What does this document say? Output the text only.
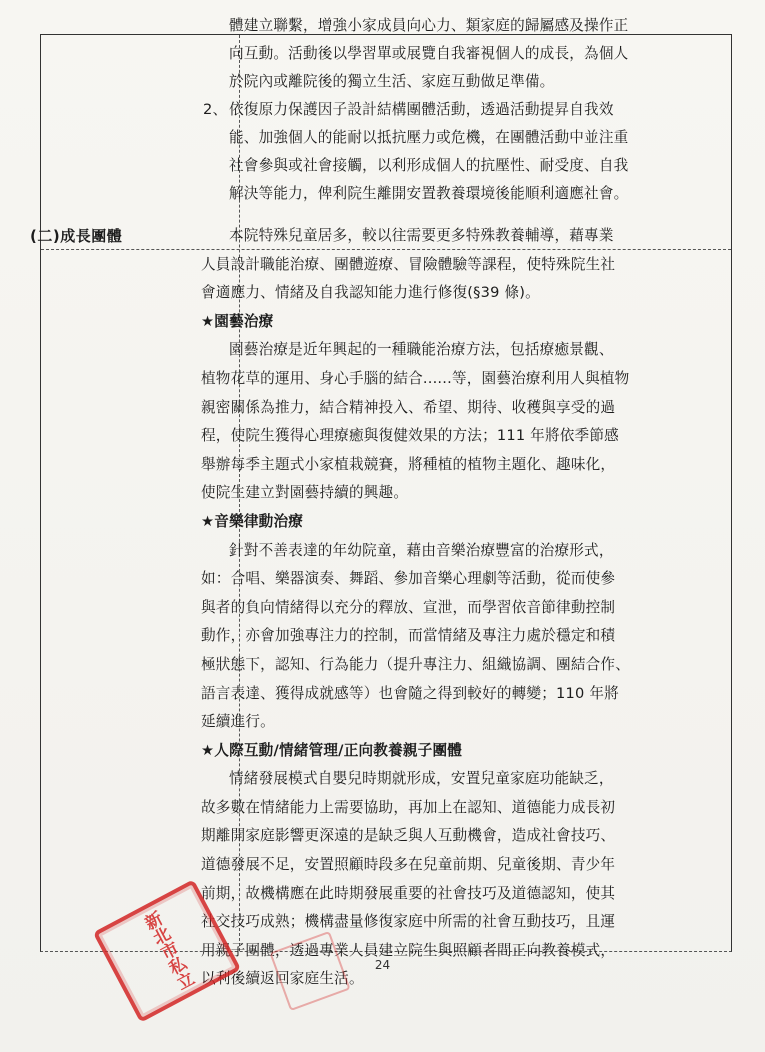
體建立聯繫，增強小家成員向心力、類家庭的歸屬感及操作正

向互動。活動後以學習單或展覽自我審視個人的成長，為個人

於院內或離院後的獨立生活、家庭互動做足準備。

2、 依復原力保護因子設計結構團體活動，透過活動提昇自我效

能、加強個人的能耐以抵抗壓力或危機，在團體活動中並注重

社會參與或社會接觸，以利形成個人的抗壓性、耐受度、自我

解決等能力，俾利院生離開安置教養環境後能順利適應社會。

(二)成長團體	本院特殊兒童居多，較以往需要更多特殊教養輔導，藉專業

人員設計職能治療、團體遊療、冒險體驗等課程，使特殊院生社

會適應力、情緒及自我認知能力進行修復(§39 條)。

★園藝治療

園藝治療是近年興起的一種職能治療方法，包括療癒景觀、

植物花草的運用、身心手腦的結合......等，園藝治療利用人與植物

親密關係為推力，結合精神投入、希望、期待、收穫與享受的過

程，使院生獲得心理療癒與復健效果的方法；111 年將依季節感

舉辦每季主題式小家植栽競賽，將種植的植物主題化、趣味化，

使院生建立對園藝持續的興趣。

★音樂律動治療

針對不善表達的年幼院童，藉由音樂治療豐富的治療形式，

如：合唱、樂器演奏、舞蹈、參加音樂心理劇等活動，從而使參

與者的負向情緒得以充分的釋放、宣泄，而學習依音節律動控制

動作，亦會加強專注力的控制，而當情緒及專注力處於穩定和積

極狀態下，認知、行為能力（提升專注力、組織協調、團結合作、

語言表達、獲得成就感等）也會隨之得到較好的轉變；110 年將

延續進行。

★人際互動/情緒管理/正向教養親子團體

情緒發展模式自嬰兒時期就形成，安置兒童家庭功能缺乏，

故多數在情緒能力上需要協助，再加上在認知、道德能力成長初

期離開家庭影響更深遠的是缺乏與人互動機會，造成社會技巧、

道德發展不足，安置照顧時段多在兒童前期、兒童後期、青少年

前期，故機構應在此時期發展重要的社會技巧及道德認知，使其

社交技巧成熟；機構盡量修復家庭中所需的社會互動技巧，且運

用親子團體，透過專業人員建立院生與照顧者間正向教養模式，

以利後續返回家庭生活。

24
新北市私立
